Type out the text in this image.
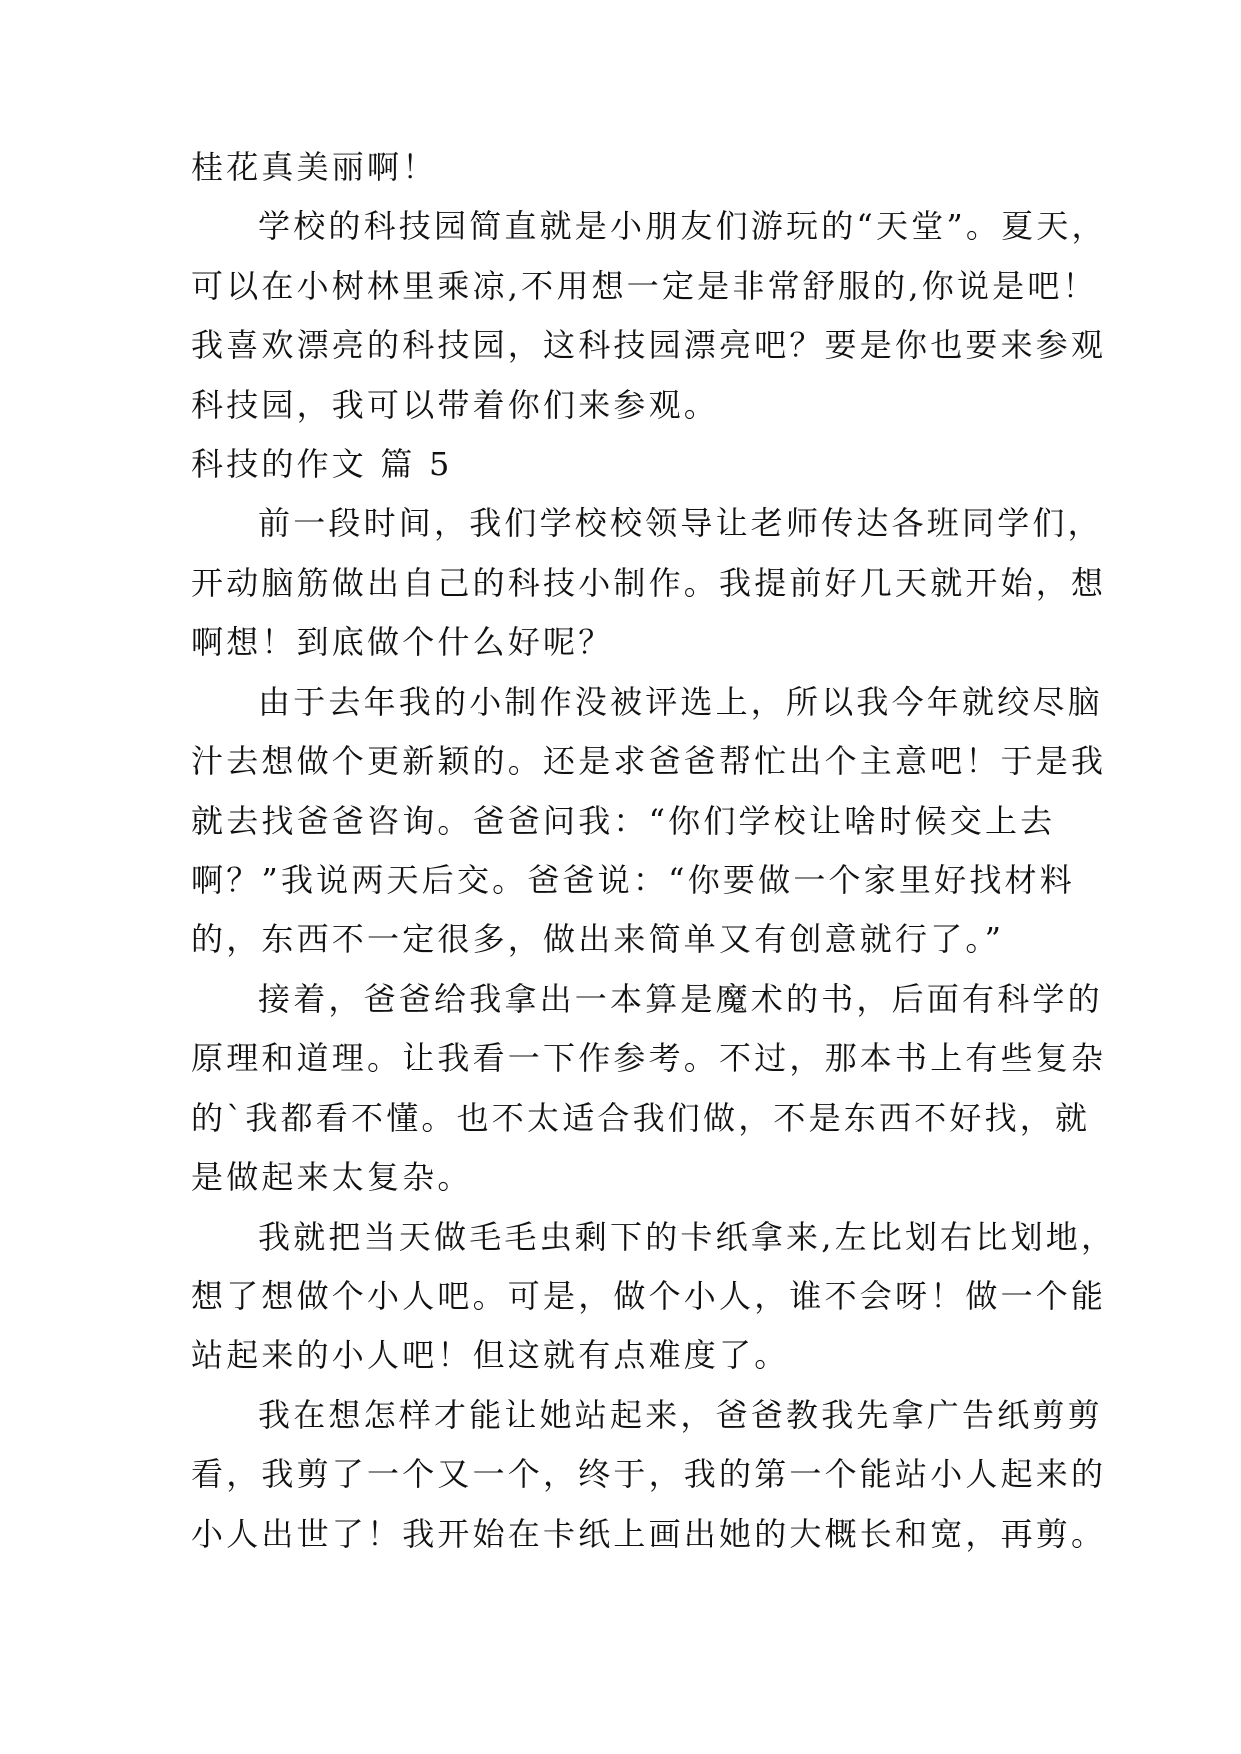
桂花真美丽啊！
学校的科技园简直就是小朋友们游玩的“天堂”。夏天，
可以在小树林里乘凉,不用想一定是非常舒服的,你说是吧！
我喜欢漂亮的科技园，这科技园漂亮吧？要是你也要来参观
科技园，我可以带着你们来参观。
科技的作文 篇 5
前一段时间，我们学校校领导让老师传达各班同学们，
开动脑筋做出自己的科技小制作。我提前好几天就开始，想
啊想！到底做个什么好呢？
由于去年我的小制作没被评选上，所以我今年就绞尽脑
汁去想做个更新颖的。还是求爸爸帮忙出个主意吧！于是我
就去找爸爸咨询。爸爸问我：“你们学校让啥时候交上去
啊？”我说两天后交。爸爸说：“你要做一个家里好找材料
的，东西不一定很多，做出来简单又有创意就行了。”
接着，爸爸给我拿出一本算是魔术的书，后面有科学的
原理和道理。让我看一下作参考。不过，那本书上有些复杂
的`我都看不懂。也不太适合我们做，不是东西不好找，就
是做起来太复杂。
我就把当天做毛毛虫剩下的卡纸拿来,左比划右比划地，
想了想做个小人吧。可是，做个小人，谁不会呀！做一个能
站起来的小人吧！但这就有点难度了。
我在想怎样才能让她站起来，爸爸教我先拿广告纸剪剪
看，我剪了一个又一个，终于，我的第一个能站小人起来的
小人出世了！我开始在卡纸上画出她的大概长和宽，再剪。
